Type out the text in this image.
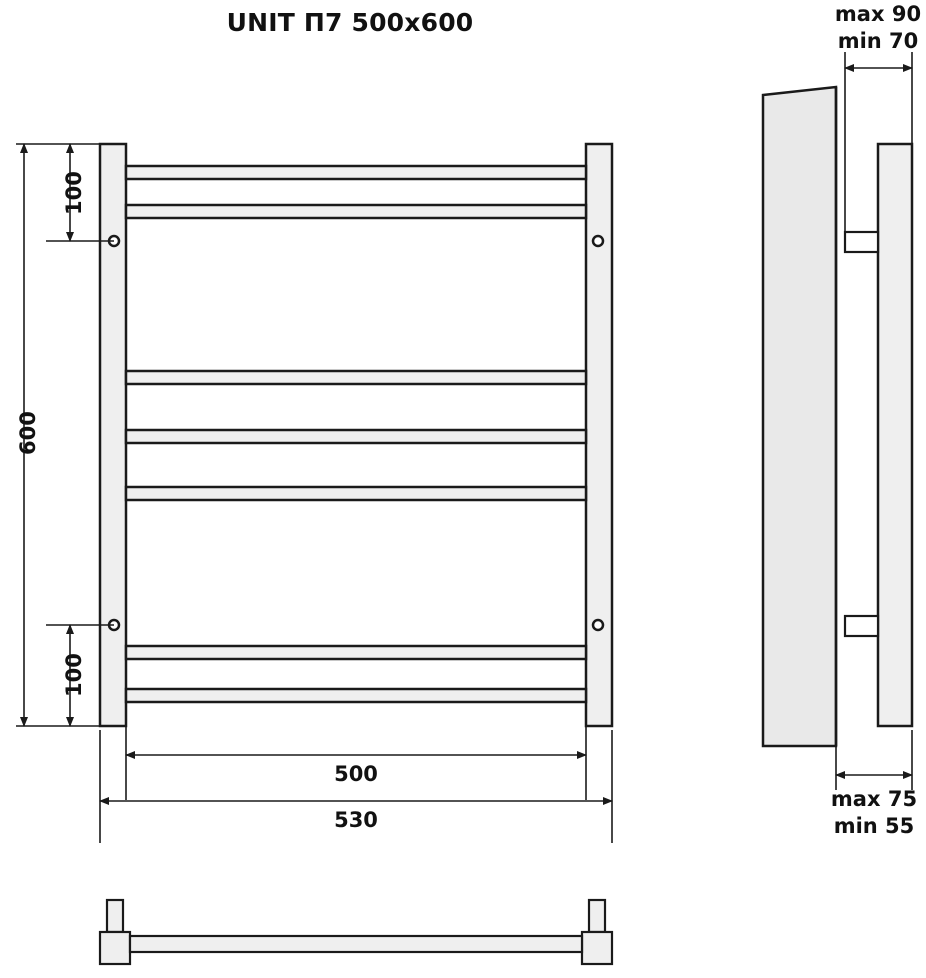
UNIT П7 500x600
600
100
100
500
530
max 90
min 70
max 75
min 55
